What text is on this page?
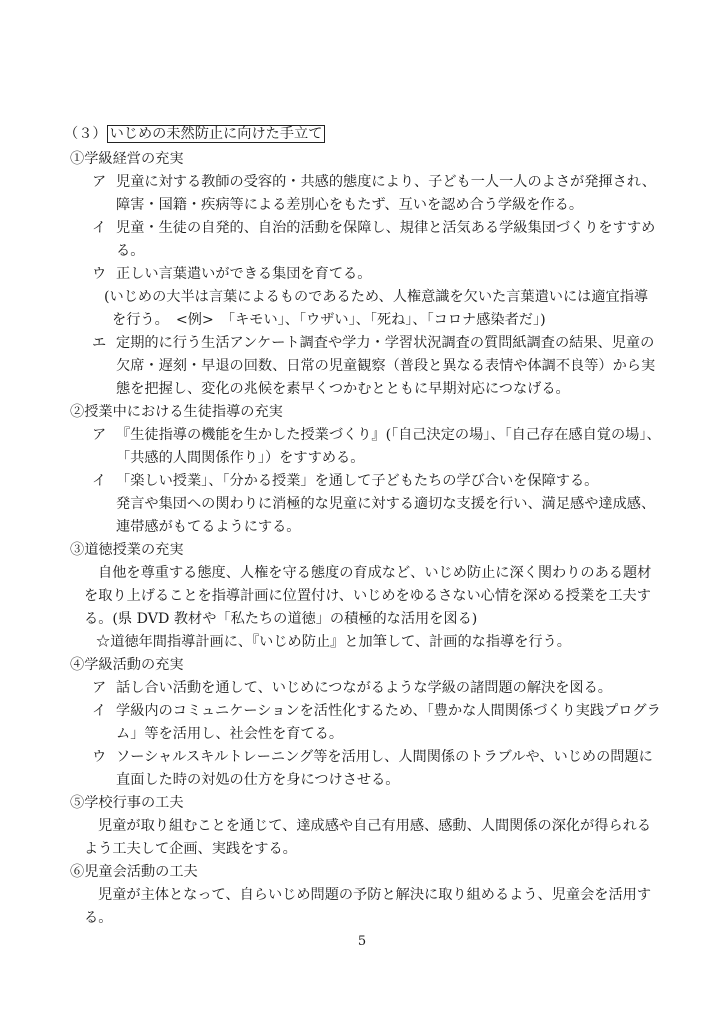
（３） いじめの未然防止に向けた手立て
①学級経営の充実
ア 児童に対する教師の受容的・共感的態度により、子ども一人一人のよさが発揮され、障害・国籍・疾病等による差別心をもたず、互いを認め合う学級を作る。
イ 児童・生徒の自発的、自治的活動を保障し、規律と活気ある学級集団づくりをすすめる。
ウ 正しい言葉遣いができる集団を育てる。
(いじめの大半は言葉によるものであるため、人権意識を欠いた言葉遣いには適宜指導を行う。　<例>　「キモい」、「ウザい」、「死ね」、「コロナ感染者だ」)
エ 定期的に行う生活アンケート調査や学力・学習状況調査の質問紙調査の結果、児童の欠席・遅刻・早退の回数、日常の児童観察（普段と異なる表情や体調不良等）から実態を把握し、変化の兆候を素早くつかむとともに早期対応につなげる。
②授業中における生徒指導の充実
ア 『生徒指導の機能を生かした授業づくり』(「自己決定の場」、「自己存在感自覚の場」、「共感的人間関係作り」）をすすめる。
イ 「楽しい授業」、「分かる授業」を通して子どもたちの学び合いを保障する。
発言や集団への関わりに消極的な児童に対する適切な支援を行い、満足感や達成感、連帯感がもてるようにする。
③道徳授業の充実
自他を尊重する態度、人権を守る態度の育成など、いじめ防止に深く関わりのある題材を取り上げることを指導計画に位置付け、いじめをゆるさない心情を深める授業を工夫する。(県 DVD 教材や「私たちの道徳」の積極的な活用を図る)
☆道徳年間指導計画に、『いじめ防止』と加筆して、計画的な指導を行う。
④学級活動の充実
ア 話し合い活動を通して、いじめにつながるような学級の諸問題の解決を図る。
イ 学級内のコミュニケーションを活性化するため、「豊かな人間関係づくり実践プログラム」等を活用し、社会性を育てる。
ウ ソーシャルスキルトレーニング等を活用し、人間関係のトラブルや、いじめの問題に直面した時の対処の仕方を身につけさせる。
⑤学校行事の工夫
児童が取り組むことを通じて、達成感や自己有用感、感動、人間関係の深化が得られるよう工夫して企画、実践をする。
⑥児童会活動の工夫
児童が主体となって、自らいじめ問題の予防と解決に取り組めるよう、児童会を活用する。
5
